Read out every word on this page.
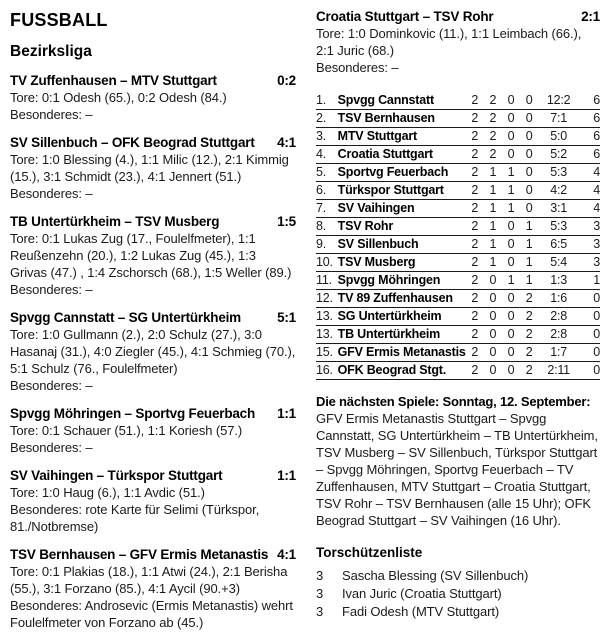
FUSSBALL
Bezirksliga
TV Zuffenhausen – MTV Stuttgart	0:2
Tore: 0:1 Odesh (65.), 0:2 Odesh (84.)
Besonderes: –
SV Sillenbuch – OFK Beograd Stuttgart 4:1
Tore: 1:0 Blessing (4.), 1:1 Milic (12.), 2:1 Kimmig (15.), 3:1 Schmidt (23.), 4:1 Jennert (51.)
Besonderes: –
TB Untertürkheim – TSV Musberg	1:5
Tore: 0:1 Lukas Zug (17., Foulelfmeter), 1:1 Reußenzehn (20.), 1:2 Lukas Zug (45.), 1:3 Grivas (47.) , 1:4 Zschorsch (68.), 1:5 Weller (89.)
Besonderes: –
Spvgg Cannstatt – SG Untertürkheim	5:1
Tore: 1:0 Gullmann (2.), 2:0 Schulz (27.), 3:0 Hasanaj (31.), 4:0 Ziegler (45.), 4:1 Schmieg (70.), 5:1 Schulz (76., Foulelfmeter)
Besonderes: –
Spvgg Möhringen – Sportvg Feuerbach 1:1
Tore: 0:1 Schauer (51.), 1:1 Koriesh (57.)
Besonderes: –
SV Vaihingen – Türkspor Stuttgart	1:1
Tore: 1:0 Haug (6.), 1:1 Avdic (51.)
Besonderes: rote Karte für Selimi (Türkspor, 81./Notbremse)
TSV Bernhausen – GFV Ermis Metanastis 4:1
Tore: 0:1 Plakias (18.), 1:1 Atwi (24.), 2:1 Berisha (55.), 3:1 Forzano (85.), 4:1 Aycil (90.+3)
Besonderes: Androsevic (Ermis Metanastis) wehrt Foulelfmeter von Forzano ab (45.)
Croatia Stuttgart – TSV Rohr	2:1
Tore: 1:0 Dominkovic (11.), 1:1 Leimbach (66.), 2:1 Juric (68.)
Besonderes: –
1.	Spvgg Cannstatt	2	2	0	0	12:2	6
2.	TSV Bernhausen	2	2	0	0	7:1	6
3.	MTV Stuttgart	2	2	0	0	5:0	6
4.	Croatia Stuttgart	2	2	0	0	5:2	6
5.	Sportvg Feuerbach	2	1	1	0	5:3	4
6.	Türkspor Stuttgart	2	1	1	0	4:2	4
7.	SV Vaihingen	2	1	1	0	3:1	4
8.	TSV Rohr	2	1	0	1	5:3	3
9.	SV Sillenbuch	2	1	0	1	6:5	3
10.	TSV Musberg	2	1	0	1	5:4	3
11.	Spvgg Möhringen	2	0	1	1	1:3	1
12.	TV 89 Zuffenhausen	2	0	0	2	1:6	0
13.	SG Untertürkheim	2	0	0	2	2:8	0
13.	TB Untertürkheim	2	0	0	2	2:8	0
15.	GFV Ermis Metanastis	2	0	0	2	1:7	0
16.	OFK Beograd Stgt.	2	0	0	2	2:11	0
Die nächsten Spiele: Sonntag, 12. September:
GFV Ermis Metanastis Stuttgart – Spvgg Cannstatt, SG Untertürkheim – TB Untertürkheim, TSV Musberg – SV Sillenbuch, Türkspor Stuttgart – Spvgg Möhringen, Sportvg Feuerbach – TV Zuffenhausen, MTV Stuttgart – Croatia Stuttgart, TSV Rohr – TSV Bernhausen (alle 15 Uhr); OFK Beograd Stuttgart – SV Vaihingen (16 Uhr).
Torschützenliste
3	Sascha Blessing (SV Sillenbuch)
3	Ivan Juric (Croatia Stuttgart)
3	Fadi Odesh (MTV Stuttgart)
